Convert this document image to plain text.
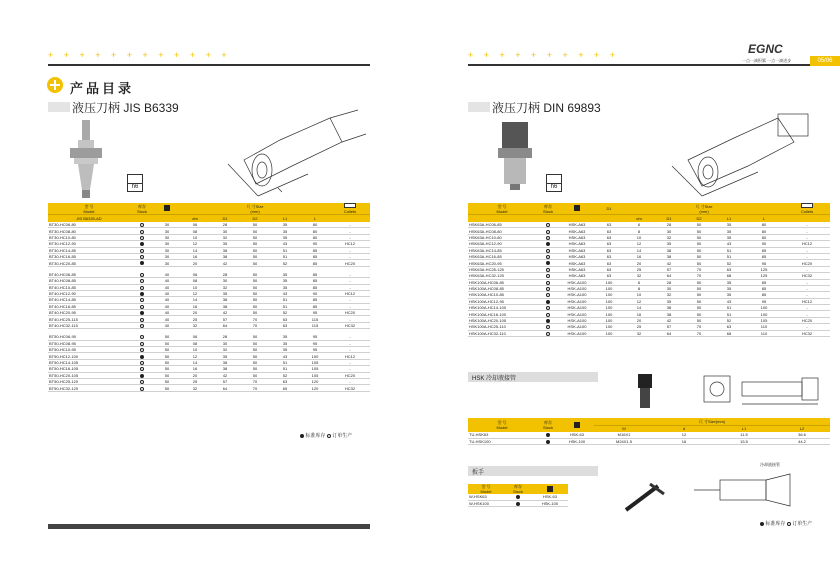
+ + + + + + + + + + + +
产品目录
液压刀柄 JIS B6339
h6
型 号
Model	库存
Stock		尺 寸Size
(mm)					Collets
JIS B6339-AD			dm	D1	D2	L1	L	
BT30-HC06-80		30	06	28	50	35	80	-
BT30-HC08-80		30	08	30	50	35	80	-
BT30-HC10-80		30	10	32	50	35	80	-
BT30-HC12-90		30	12	35	50	43	90	HC12
BT30-HC14-85		30	14	38	50	51	85	-
BT30-HC16-85		30	16	38	50	51	85	-
BT30-HC20-85		30	20	42	50	52	85	HC20

BT40-HC06-85		40	06	28	50	35	85	-
BT40-HC08-85		40	08	30	50	35	85	-
BT40-HC10-85		40	10	32	50	35	85	-
BT40-HC12-90		40	12	35	50	43	90	HC12
BT40-HC14-85		40	14	38	50	51	85	-
BT40-HC16-85		40	16	38	50	51	85	-
BT40-HC20-95		40	20	42	50	52	95	HC20
BT40-HC25-115		40	25	57	70	63	115	-
BT40-HC32-115		40	32	64	70	63	115	HC32

BT50-HC06-95		50	06	28	50	35	95	-
BT50-HC08-95		50	08	30	50	35	95	-
BT50-HC10-95		50	10	32	50	35	95	-
BT50-HC12-100		50	12	35	50	43	100	HC12
BT50-HC14-105		50	14	38	50	51	105	-
BT50-HC16-105		50	16	38	50	51	105	-
BT50-HC20-105		50	20	42	50	52	105	HC20
BT50-HC25-120		50	25	57	70	63	120	-
BT50-HC32-120		50	32	64	70	65	120	HC32
标准库存 订单生产
+ + + + + + + + + +	EGNC
一点一滴积累 一点一滴进步	05/06
液压刀柄 DIN 69893
h6
型 号
Model	库存
Stock		D1	尺 寸Size
(mm)					Collets
				dm	D1	D2	L1	L	
HSK63A-HC06-85		HSK-A63	63	6	28	50	35	80	-
HSK63A-HC08-80		HSK-A63	63	8	30	50	35	80	-
HSK63A-HC10-80		HSK-A63	63	10	32	50	35	80	-
HSK63A-HC12-90		HSK-A63	63	12	35	50	43	90	HC12
HSK63A-HC14-85		HSK-A63	63	14	38	50	51	85	-
HSK63A-HC16-85		HSK-A63	63	16	38	50	51	85	-
HSK63A-HC20-95		HSK-A63	63	20	42	50	52	95	HC20
HSK63A-HC25-125		HSK-A63	63	25	57	70	63	125	-
HSK63A-HC32-125		HSK-A63	63	32	64	70	68	125	HC32
HSK100A-HC06-85		HSK-A100	100	6	28	50	35	85	-
HSK100A-HC08-85		HSK-A100	100	8	30	50	35	85	-
HSK100A-HC10-85		HSK-A100	100	10	32	50	35	85	-
HSK100A-HC12-95		HSK-A100	100	12	35	50	43	95	HC12
HSK100A-HC14-100		HSK-A100	100	14	38	50	51	100	-
HSK100A-HC16-100		HSK-A100	100	16	38	50	51	100	-
HSK100A-HC20-105		HSK-A100	100	20	42	50	52	105	HC20
HSK100A-HC25-110		HSK-A100	100	25	57	70	63	110	-
HSK100A-HC32-110		HSK-A100	100	32	64	70	68	110	HC32
HSK 冷却液接管
型 号
Model	库存
Stock		尺 寸Size(mm)			
			M	d	L1	L2
TU-HSK63		HSK-63	M16X1	12	11.5	36.6
TU-HSK100		HSK-100	M24X1.5	16	15.5	44.2
扳手
型 号
Model	库存
Stock	
W-HSK63		HSK-63
W-HSK100		HSK-100
冷却液接管
标准库存 订单生产
